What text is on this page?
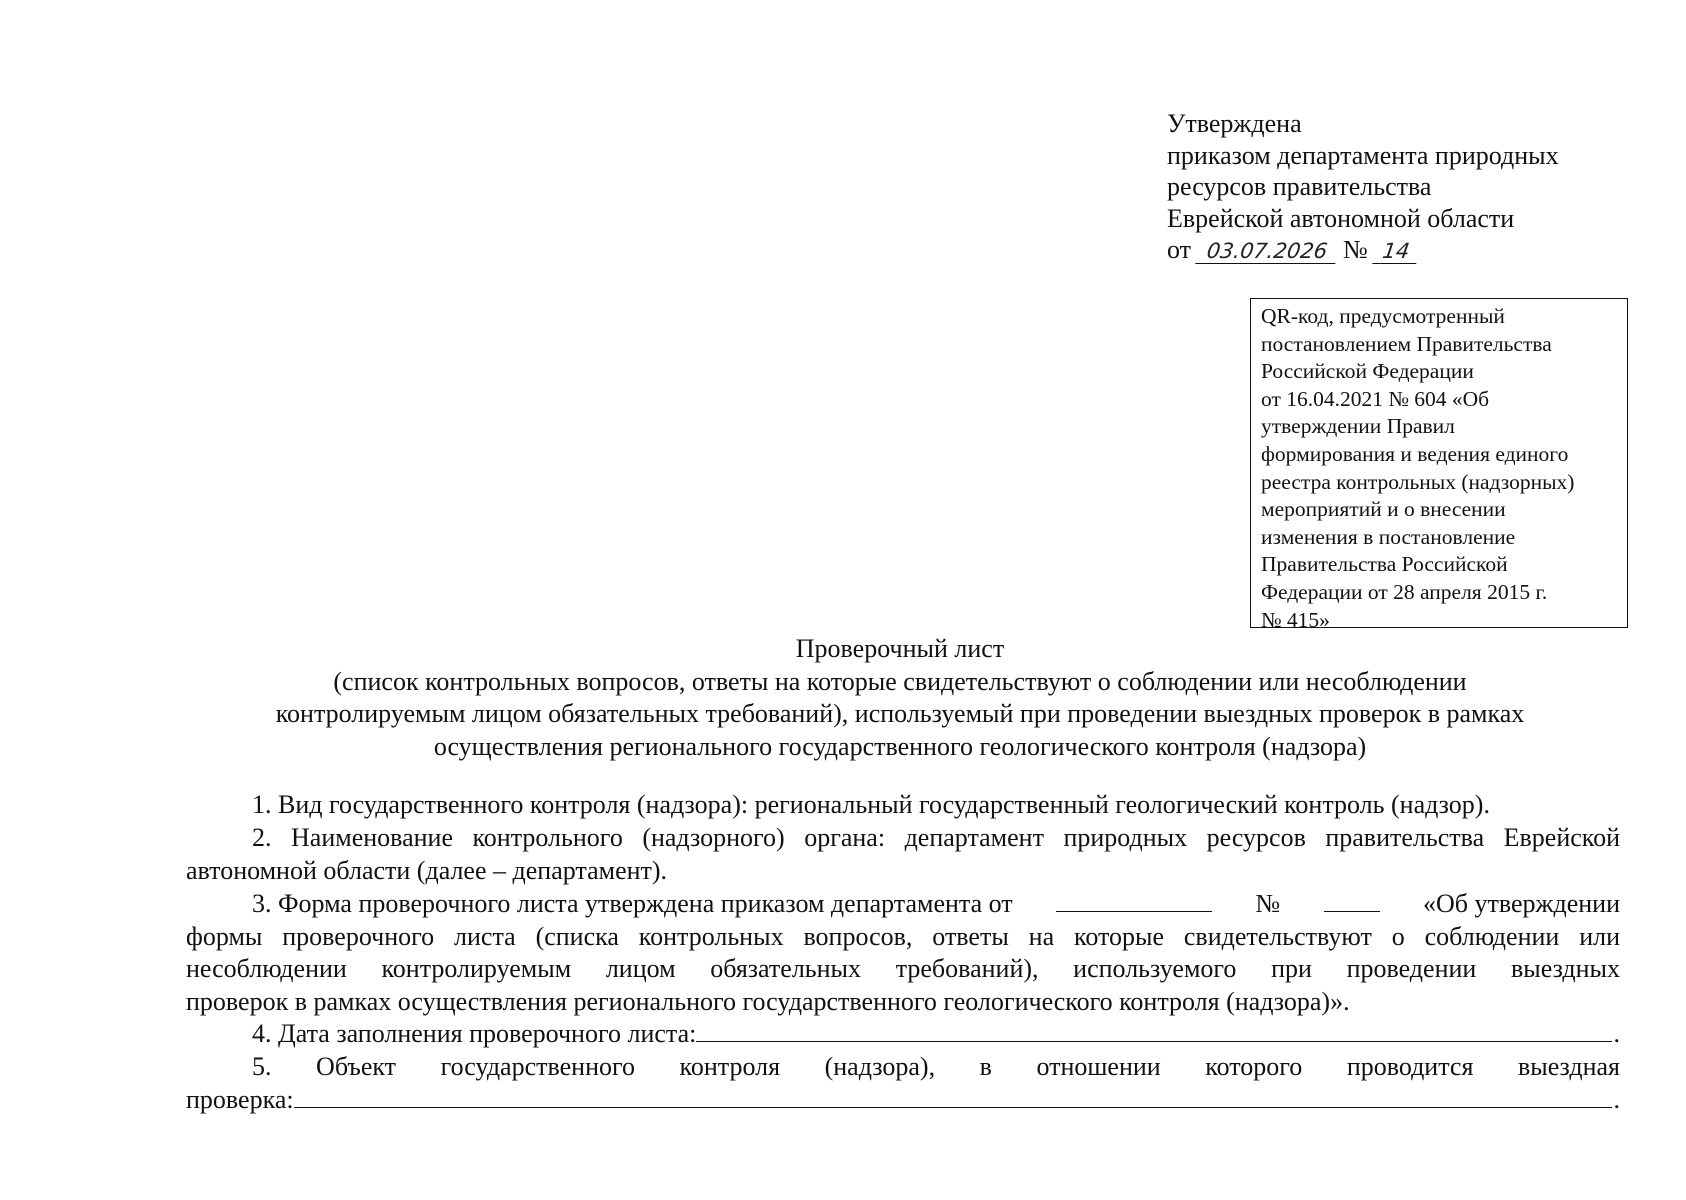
Утверждена
приказом департамента природных
ресурсов правительства
Еврейской автономной области
от 03.07.2026 № 14
QR-код, предусмотренный
постановлением Правительства
Российской Федерации
от 16.04.2021 № 604 «Об
утверждении Правил
формирования и ведения единого
реестра контрольных (надзорных)
мероприятий и о внесении
изменения в постановление
Правительства Российской
Федерации от 28 апреля 2015 г.
№ 415»
Проверочный лист
(список контрольных вопросов, ответы на которые свидетельствуют о соблюдении или несоблюдении
контролируемым лицом обязательных требований), используемый при проведении выездных проверок в рамках
осуществления регионального государственного геологического контроля (надзора)
1. Вид государственного контроля (надзора): региональный государственный геологический контроль (надзор).
2. Наименование контрольного (надзорного) органа: департамент природных ресурсов правительства Еврейской
автономной области (далее – департамент).
3. Форма проверочного листа утверждена приказом департамента от	№	«Об утверждении
формы проверочного листа (списка контрольных вопросов, ответы на которые свидетельствуют о соблюдении или
несоблюдении контролируемым лицом обязательных требований), используемого при проведении выездных
проверок в рамках осуществления регионального государственного геологического контроля (надзора)».
4. Дата заполнения проверочного листа:	.
5. Объект государственного контроля (надзора), в отношении которого проводится выездная
проверка:	.
